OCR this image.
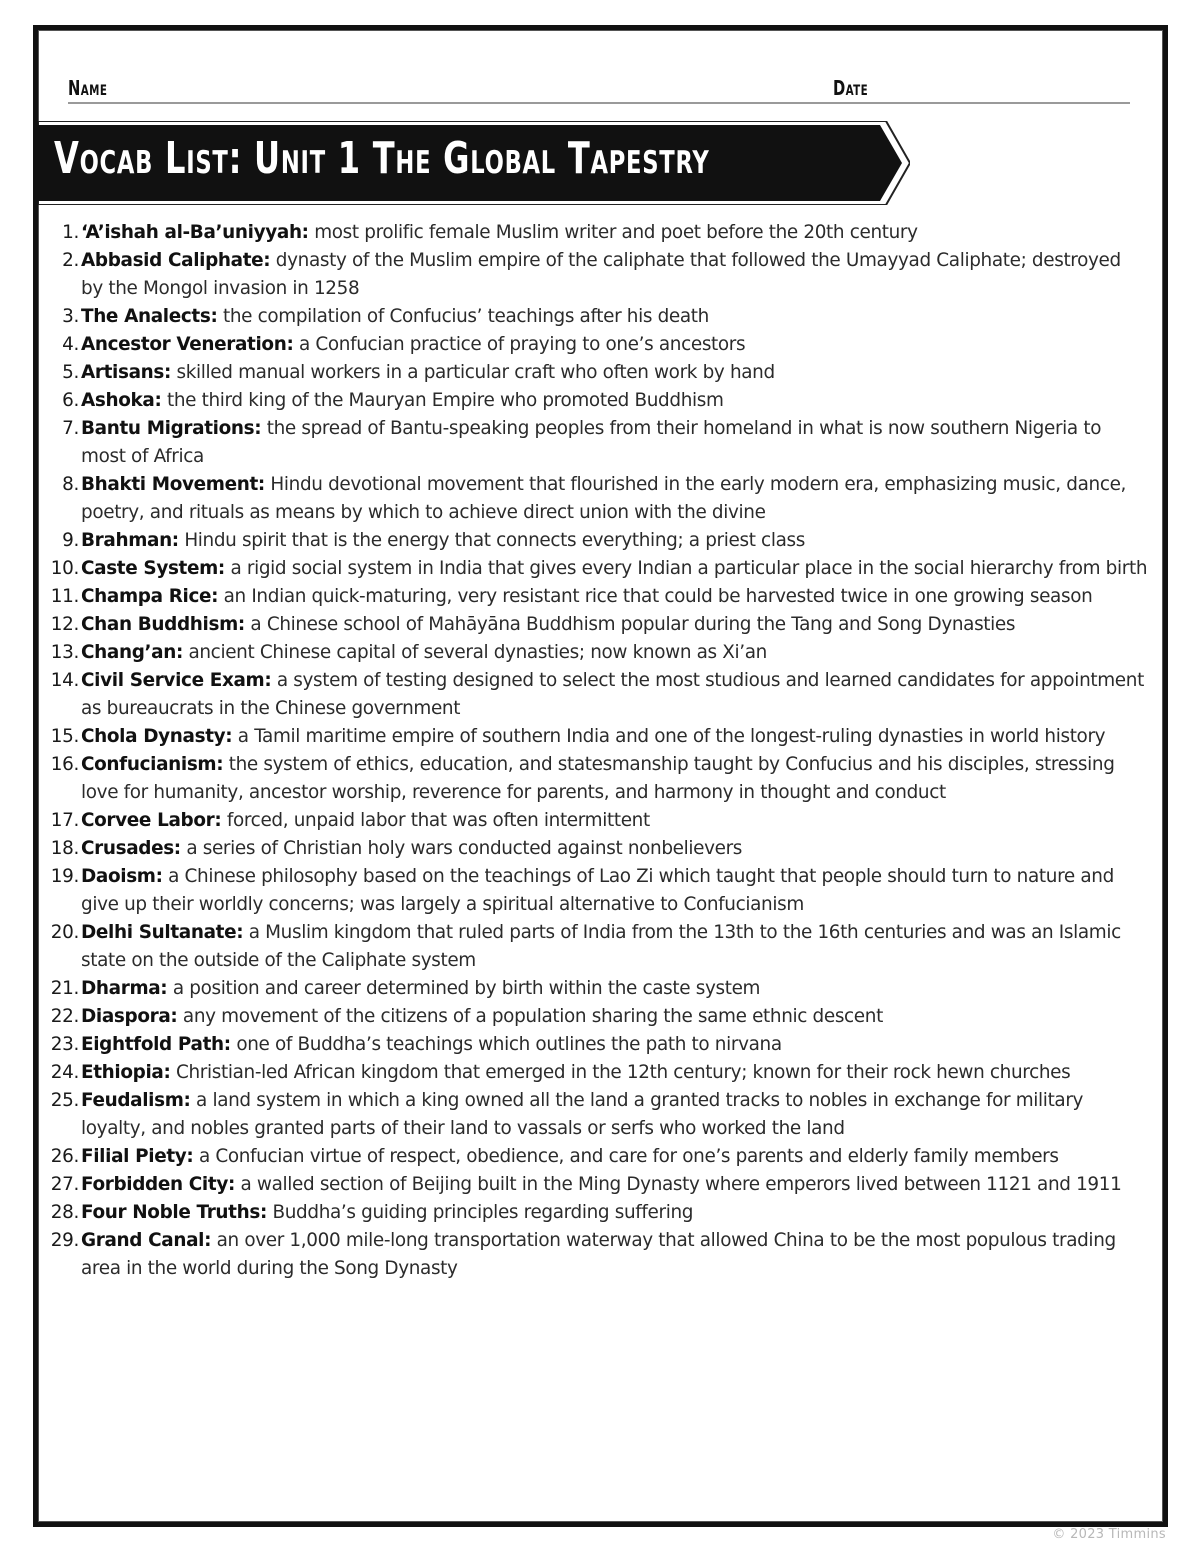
Name	Date
Vocab List: Unit 1 The Global Tapestry
1. ‘A’ishah al-Ba’uniyyah: most prolific female Muslim writer and poet before the 20th century
2. Abbasid Caliphate: dynasty of the Muslim empire of the caliphate that followed the Umayyad Caliphate; destroyed by the Mongol invasion in 1258
3. The Analects: the compilation of Confucius’ teachings after his death
4. Ancestor Veneration: a Confucian practice of praying to one’s ancestors
5. Artisans: skilled manual workers in a particular craft who often work by hand
6. Ashoka: the third king of the Mauryan Empire who promoted Buddhism
7. Bantu Migrations: the spread of Bantu-speaking peoples from their homeland in what is now southern Nigeria to most of Africa
8. Bhakti Movement: Hindu devotional movement that flourished in the early modern era, emphasizing music, dance, poetry, and rituals as means by which to achieve direct union with the divine
9. Brahman: Hindu spirit that is the energy that connects everything; a priest class
10. Caste System: a rigid social system in India that gives every Indian a particular place in the social hierarchy from birth
11. Champa Rice: an Indian quick-maturing, very resistant rice that could be harvested twice in one growing season
12. Chan Buddhism: a Chinese school of Mahāyāna Buddhism popular during the Tang and Song Dynasties
13. Chang’an: ancient Chinese capital of several dynasties; now known as Xi’an
14. Civil Service Exam: a system of testing designed to select the most studious and learned candidates for appointment as bureaucrats in the Chinese government
15. Chola Dynasty: a Tamil maritime empire of southern India and one of the longest-ruling dynasties in world history
16. Confucianism: the system of ethics, education, and statesmanship taught by Confucius and his disciples, stressing love for humanity, ancestor worship, reverence for parents, and harmony in thought and conduct
17. Corvee Labor: forced, unpaid labor that was often intermittent
18. Crusades: a series of Christian holy wars conducted against nonbelievers
19. Daoism: a Chinese philosophy based on the teachings of Lao Zi which taught that people should turn to nature and give up their worldly concerns; was largely a spiritual alternative to Confucianism
20. Delhi Sultanate: a Muslim kingdom that ruled parts of India from the 13th to the 16th centuries and was an Islamic state on the outside of the Caliphate system
21. Dharma: a position and career determined by birth within the caste system
22. Diaspora: any movement of the citizens of a population sharing the same ethnic descent
23. Eightfold Path: one of Buddha’s teachings which outlines the path to nirvana
24. Ethiopia: Christian-led African kingdom that emerged in the 12th century; known for their rock hewn churches
25. Feudalism: a land system in which a king owned all the land a granted tracks to nobles in exchange for military loyalty, and nobles granted parts of their land to vassals or serfs who worked the land
26. Filial Piety: a Confucian virtue of respect, obedience, and care for one’s parents and elderly family members
27. Forbidden City: a walled section of Beijing built in the Ming Dynasty where emperors lived between 1121 and 1911
28. Four Noble Truths: Buddha’s guiding principles regarding suffering
29. Grand Canal: an over 1,000 mile-long transportation waterway that allowed China to be the most populous trading area in the world during the Song Dynasty
© 2023 Timmins
